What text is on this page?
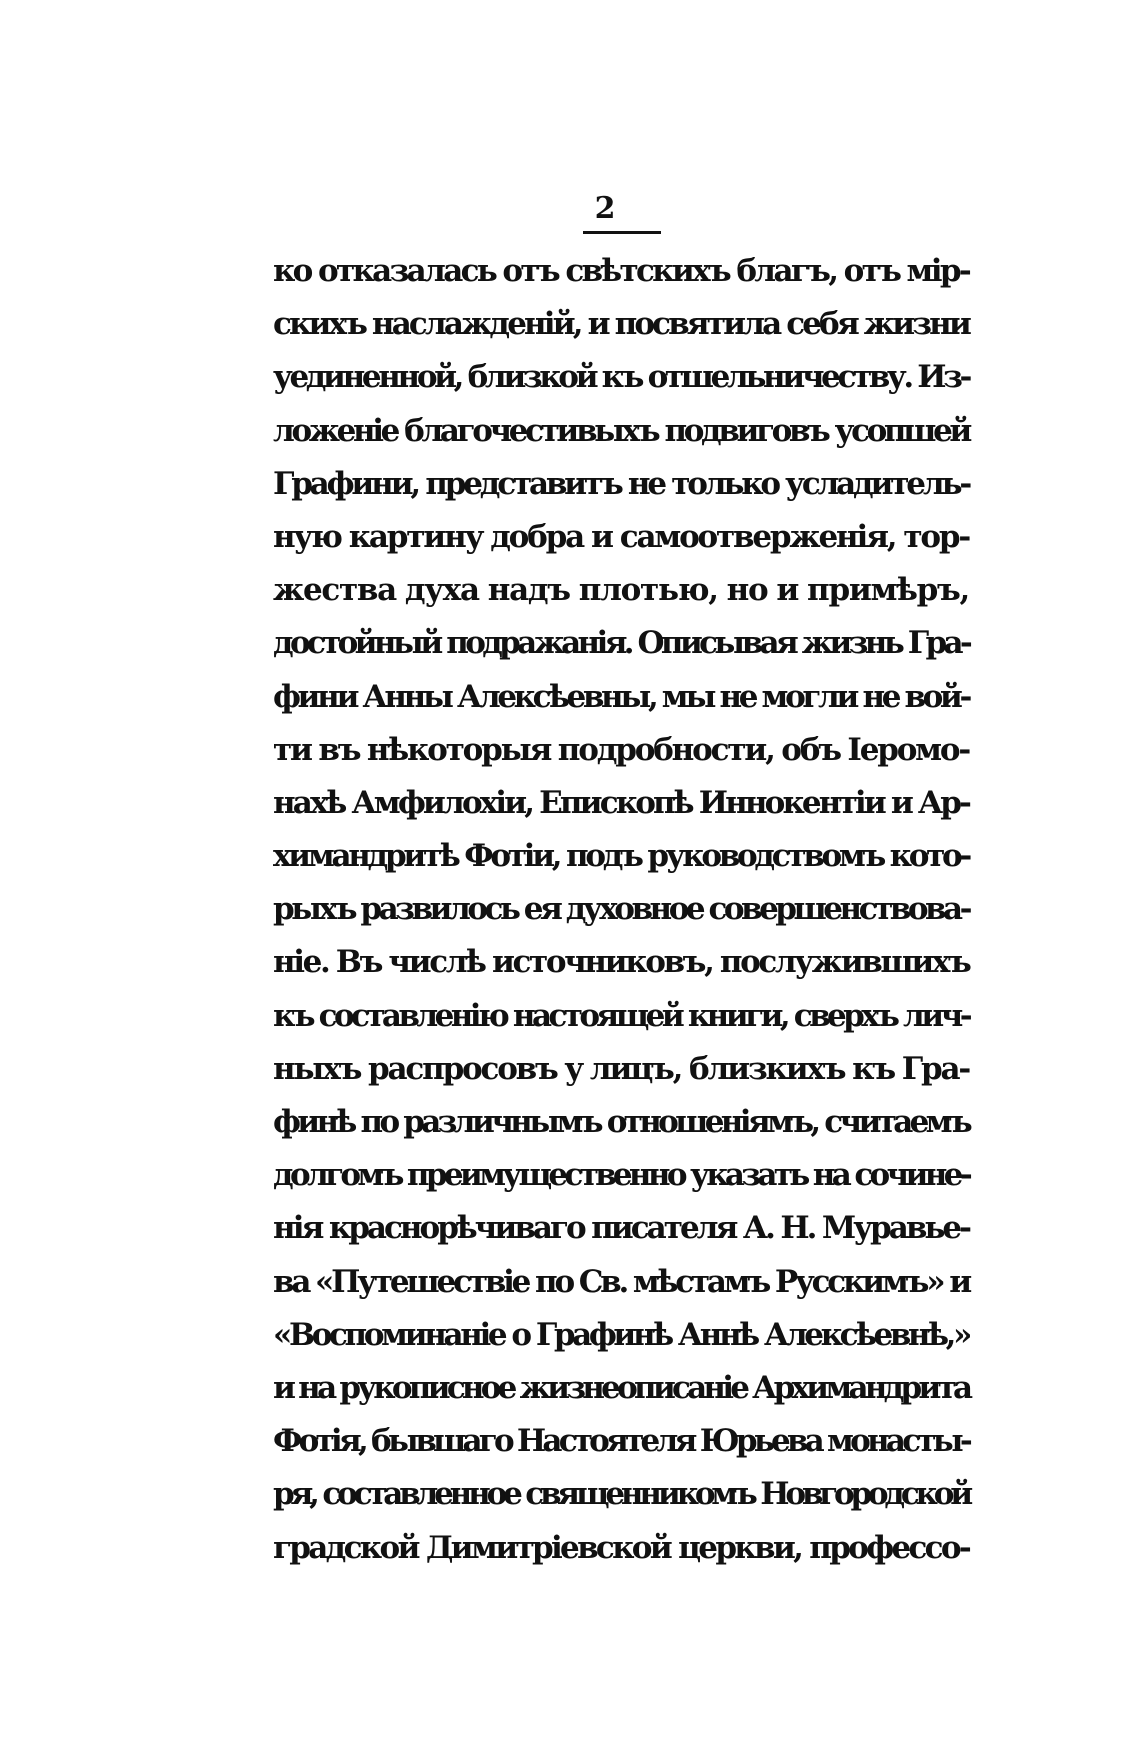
2
ко отказалась отъ свѣтскихъ благъ, отъ мір-
скихъ наслажденій, и посвятила себя жизни
уединенной, близкой къ отшельничеству. Из-
ложеніе благочестивыхъ подвиговъ усопшей
Графини, представитъ не только усладитель-
ную картину добра и самоотверженія, тор-
жества духа надъ плотью, но и примѣръ,
достойный подражанія. Описывая жизнь Гра-
фини Анны Алексѣевны, мы не могли не вой-
ти въ нѣкоторыя подробности, объ Іеромо-
нахѣ Амфилохіи, Епископѣ Иннокентіи и Ар-
химандритѣ Фотіи, подъ руководствомъ кото-
рыхъ развилось ея духовное совершенствова-
ніе. Въ числѣ источниковъ, послужившихъ
къ составленію настоящей книги, сверхъ лич-
ныхъ распросовъ у лицъ, близкихъ къ Гра-
финѣ по различнымъ отношеніямъ, считаемъ
долгомъ преимущественно указать на сочине-
нія краснорѣчиваго писателя А. Н. Муравье-
ва «Путешествіе по Св. мѣстамъ Русскимъ» и
«Воспоминаніе о Графинѣ Аннѣ Алексѣевнѣ,»
и на рукописное жизнеописаніе Архимандрита
Фотія, бывшаго Настоятеля Юрьева монасты-
ря, составленное священникомъ Новгородской
градской Димитріевской церкви, профессо-
